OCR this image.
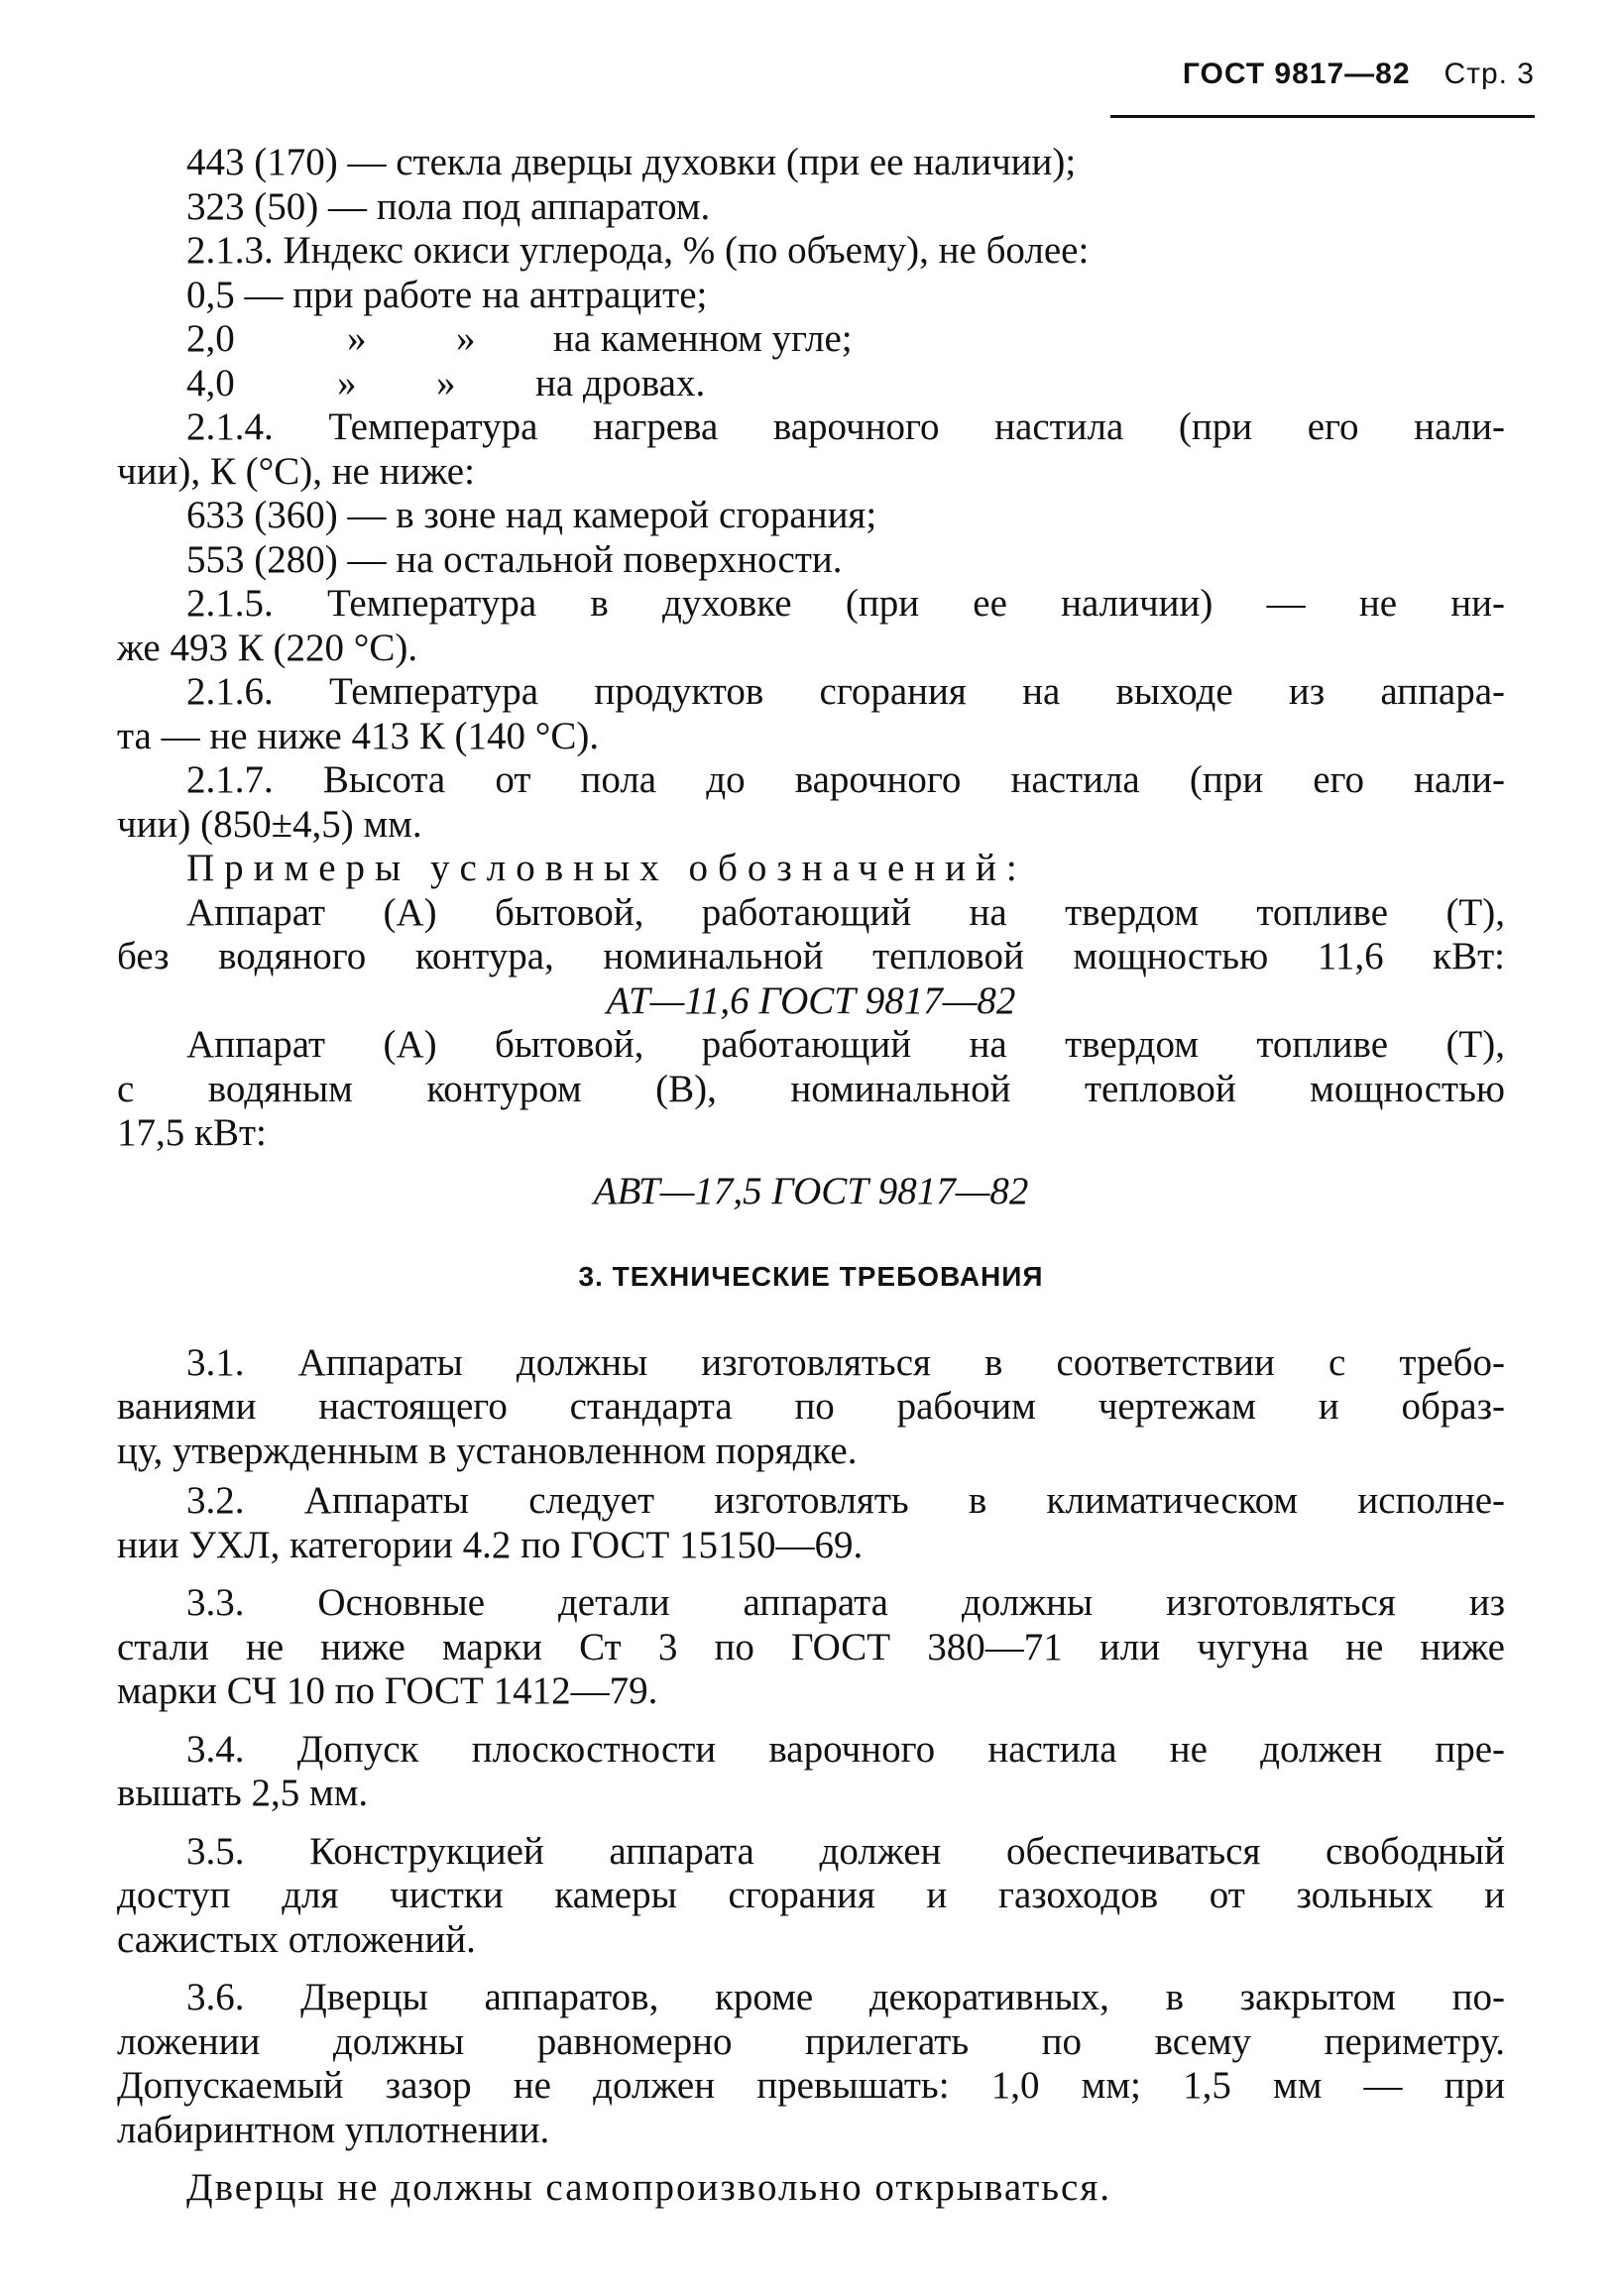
ГОСТ 9817—82 Стр. 3
443 (170) — стекла дверцы духовки (при ее наличии);
323 (50) — пола под аппаратом.
2.1.3. Индекс окиси углерода, % (по объему), не более:
0,5 — при работе на антраците;
2,0	» » на каменном угле;
4,0	» » на дровах.
2.1.4. Температура нагрева варочного настила (при его нали-
чии), К (°С), не ниже:
633 (360) — в зоне над камерой сгорания;
553 (280) — на остальной поверхности.
2.1.5. Температура в духовке (при ее наличии) — не ни-
же 493 К (220 °С).
2.1.6. Температура продуктов сгорания на выходе из аппара-
та — не ниже 413 К (140 °С).
2.1.7. Высота от пола до варочного настила (при его нали-
чии) (850±4,5) мм.
Примеры условных обозначений:
Аппарат (А) бытовой, работающий на твердом топливе (Т),
без водяного контура, номинальной тепловой мощностью 11,6 кВт:
АТ—11,6 ГОСТ 9817—82
Аппарат (А) бытовой, работающий на твердом топливе (Т),
с водяным контуром (В), номинальной тепловой мощностью
17,5 кВт:
АВТ—17,5 ГОСТ 9817—82
3. ТЕХНИЧЕСКИЕ ТРЕБОВАНИЯ
3.1. Аппараты должны изготовляться в соответствии с требо-
ваниями настоящего стандарта по рабочим чертежам и образ-
цу, утвержденным в установленном порядке.
3.2. Аппараты следует изготовлять в климатическом исполне-
нии УХЛ, категории 4.2 по ГОСТ 15150—69.
3.3. Основные детали аппарата должны изготовляться из
стали не ниже марки Ст 3 по ГОСТ 380—71 или чугуна не ниже
марки СЧ 10 по ГОСТ 1412—79.
3.4. Допуск плоскостности варочного настила не должен пре-
вышать 2,5 мм.
3.5. Конструкцией аппарата должен обеспечиваться свободный
доступ для чистки камеры сгорания и газоходов от зольных и
сажистых отложений.
3.6. Дверцы аппаратов, кроме декоративных, в закрытом по-
ложении должны равномерно прилегать по всему периметру.
Допускаемый зазор не должен превышать: 1,0 мм; 1,5 мм — при
лабиринтном уплотнении.
Дверцы не должны самопроизвольно открываться.
